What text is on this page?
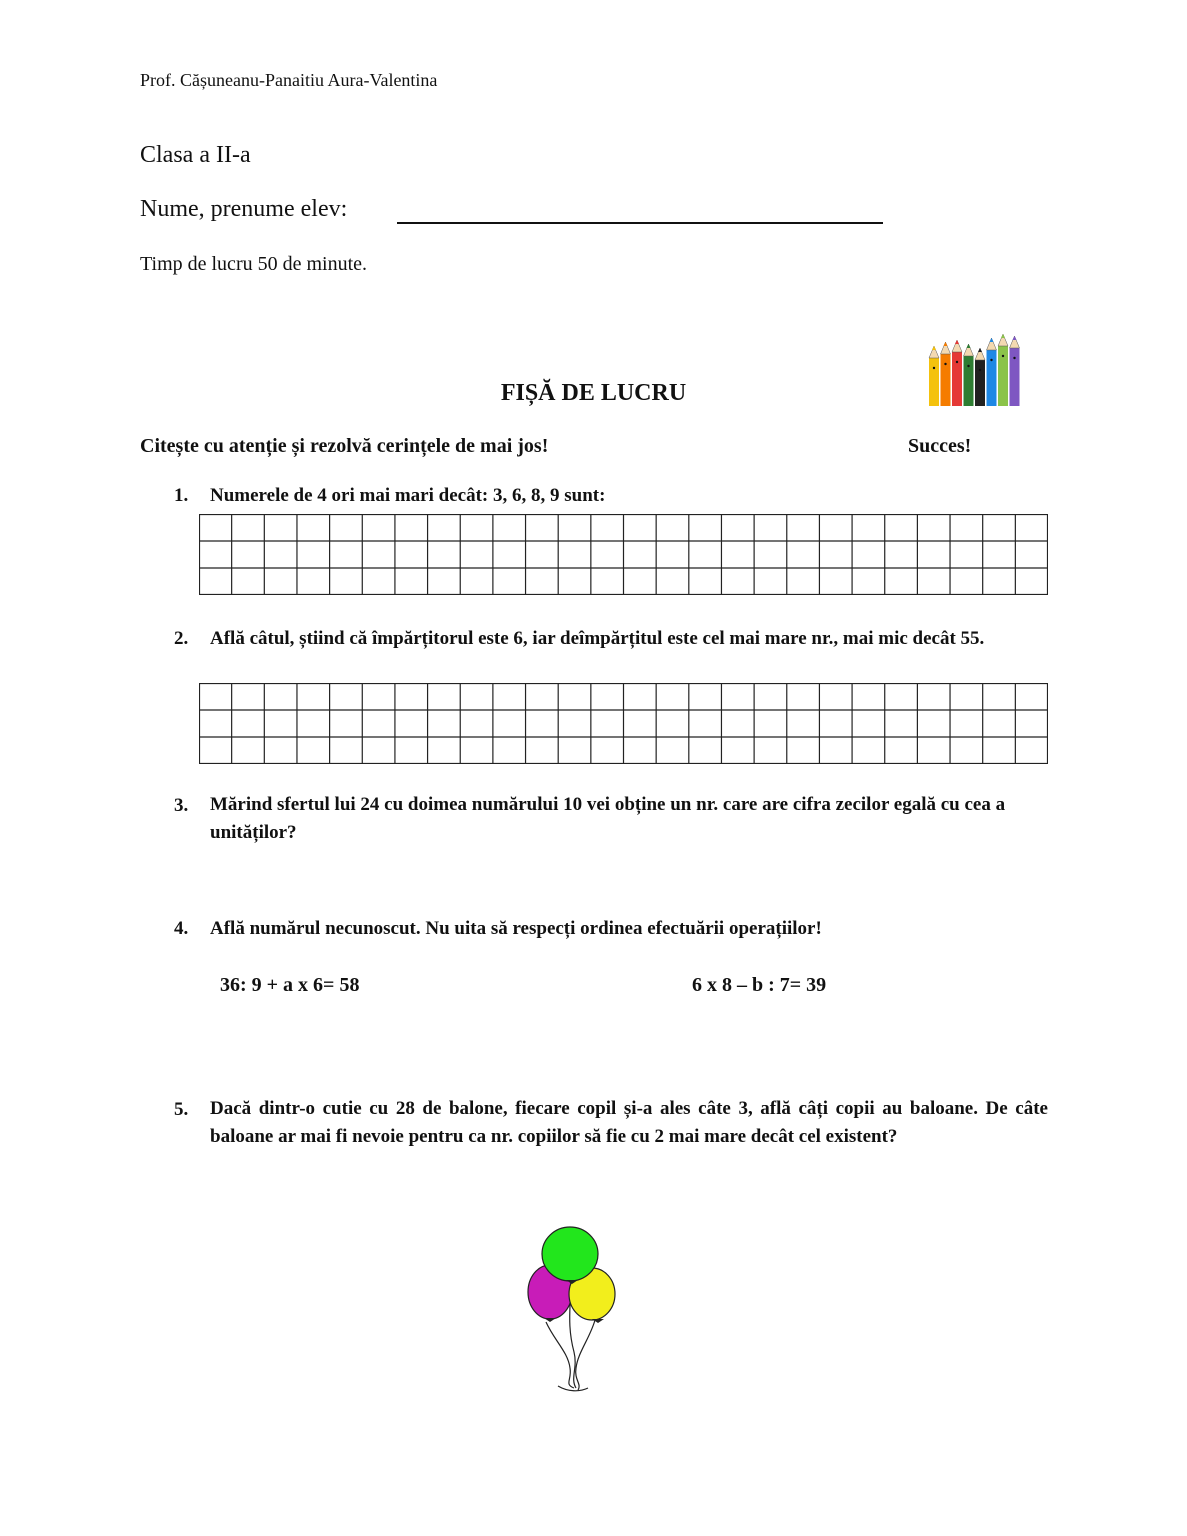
Prof. Cășuneanu-Panaitiu Aura-Valentina
Clasa a II-a
Nume, prenume elev:
Timp de lucru 50 de minute.
FIȘĂ DE LUCRU
Citește cu atenție și rezolvă cerințele de mai jos!	Succes!
1. Numerele de 4 ori mai mari decât: 3, 6, 8, 9 sunt:
2. Află câtul, știind că împărțitorul este 6, iar deîmpărțitul este cel mai mare nr., mai mic decât 55.
3. Mărind sfertul lui 24 cu doimea numărului 10 vei obține un nr. care are cifra zecilor egală cu cea a unităților?
4. Află numărul necunoscut. Nu uita să respecți ordinea efectuării operațiilor!
36: 9 + a x 6= 58	6 x 8 – b : 7= 39
5. Dacă dintr-o cutie cu 28 de balone, fiecare copil și-a ales câte 3, află câți copii au baloane. De câte baloane ar mai fi nevoie pentru ca nr. copiilor să fie cu 2 mai mare decât cel existent?
